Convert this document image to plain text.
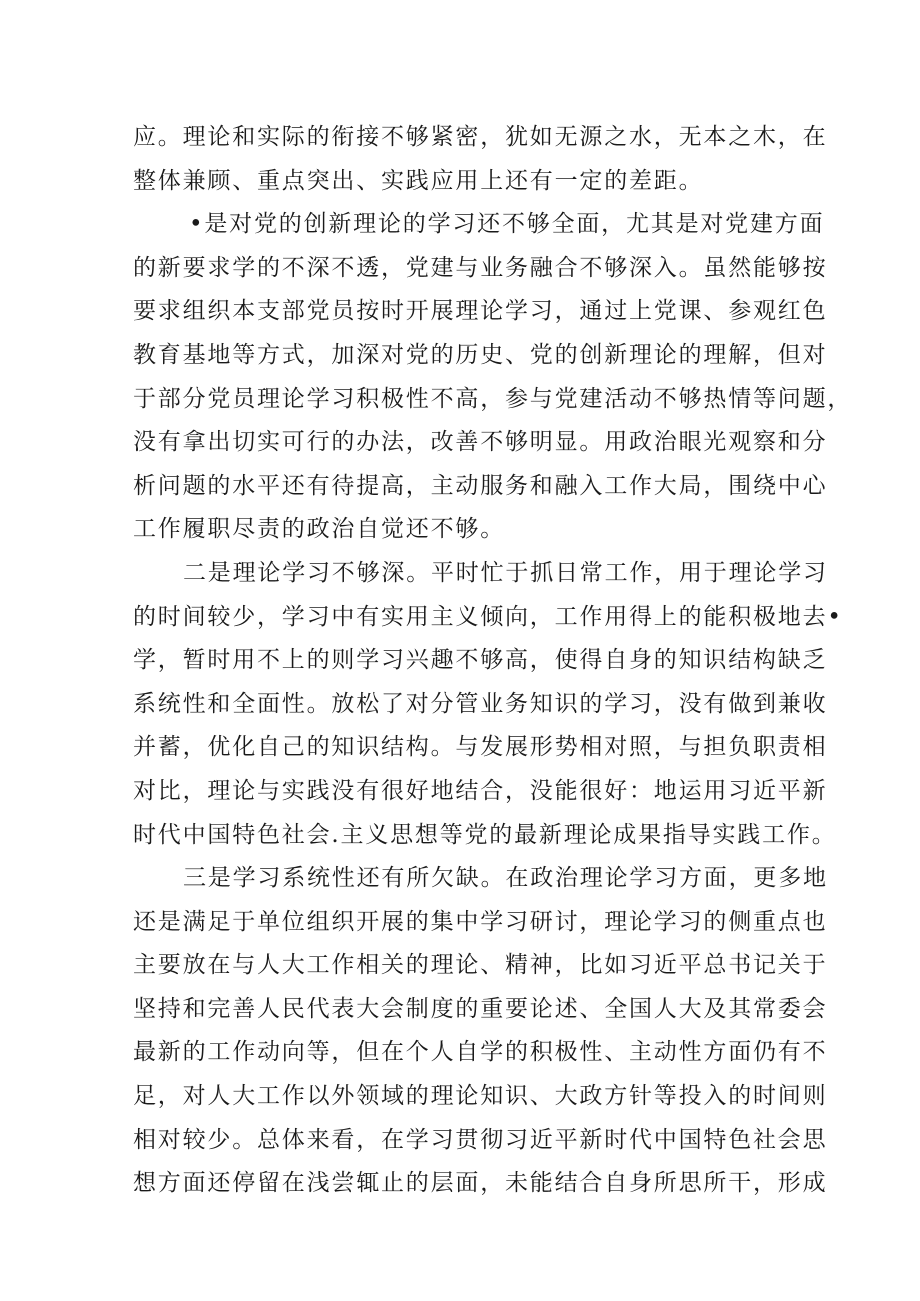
应。理论和实际的衔接不够紧密，犹如无源之水，无本之木，在
整体兼顾、重点突出、实践应用上还有一定的差距。
•是对党的创新理论的学习还不够全面，尤其是对党建方面
的新要求学的不深不透，党建与业务融合不够深入。虽然能够按
要求组织本支部党员按时开展理论学习，通过上党课、参观红色
教育基地等方式，加深对党的历史、党的创新理论的理解，但对
于部分党员理论学习积极性不高，参与党建活动不够热情等问题，
没有拿出切实可行的办法，改善不够明显。用政治眼光观察和分
析问题的水平还有待提高，主动服务和融入工作大局，围绕中心
工作履职尽责的政治自觉还不够。
二是理论学习不够深。平时忙于抓日常工作，用于理论学习
的时间较少，学习中有实用主义倾向，工作用得上的能积极地去•
学，暂时用不上的则学习兴趣不够高，使得自身的知识结构缺乏
系统性和全面性。放松了对分管业务知识的学习，没有做到兼收
并蓄，优化自己的知识结构。与发展形势相对照，与担负职责相
对比，理论与实践没有很好地结合，没能很好：地运用习近平新
时代中国特色社会.主义思想等党的最新理论成果指导实践工作。
三是学习系统性还有所欠缺。在政治理论学习方面，更多地
还是满足于单位组织开展的集中学习研讨，理论学习的侧重点也
主要放在与人大工作相关的理论、精神，比如习近平总书记关于
坚持和完善人民代表大会制度的重要论述、全国人大及其常委会
最新的工作动向等，但在个人自学的积极性、主动性方面仍有不
足，对人大工作以外领域的理论知识、大政方针等投入的时间则
相对较少。总体来看，在学习贯彻习近平新时代中国特色社会思
想方面还停留在浅尝辄止的层面，未能结合自身所思所干，形成
